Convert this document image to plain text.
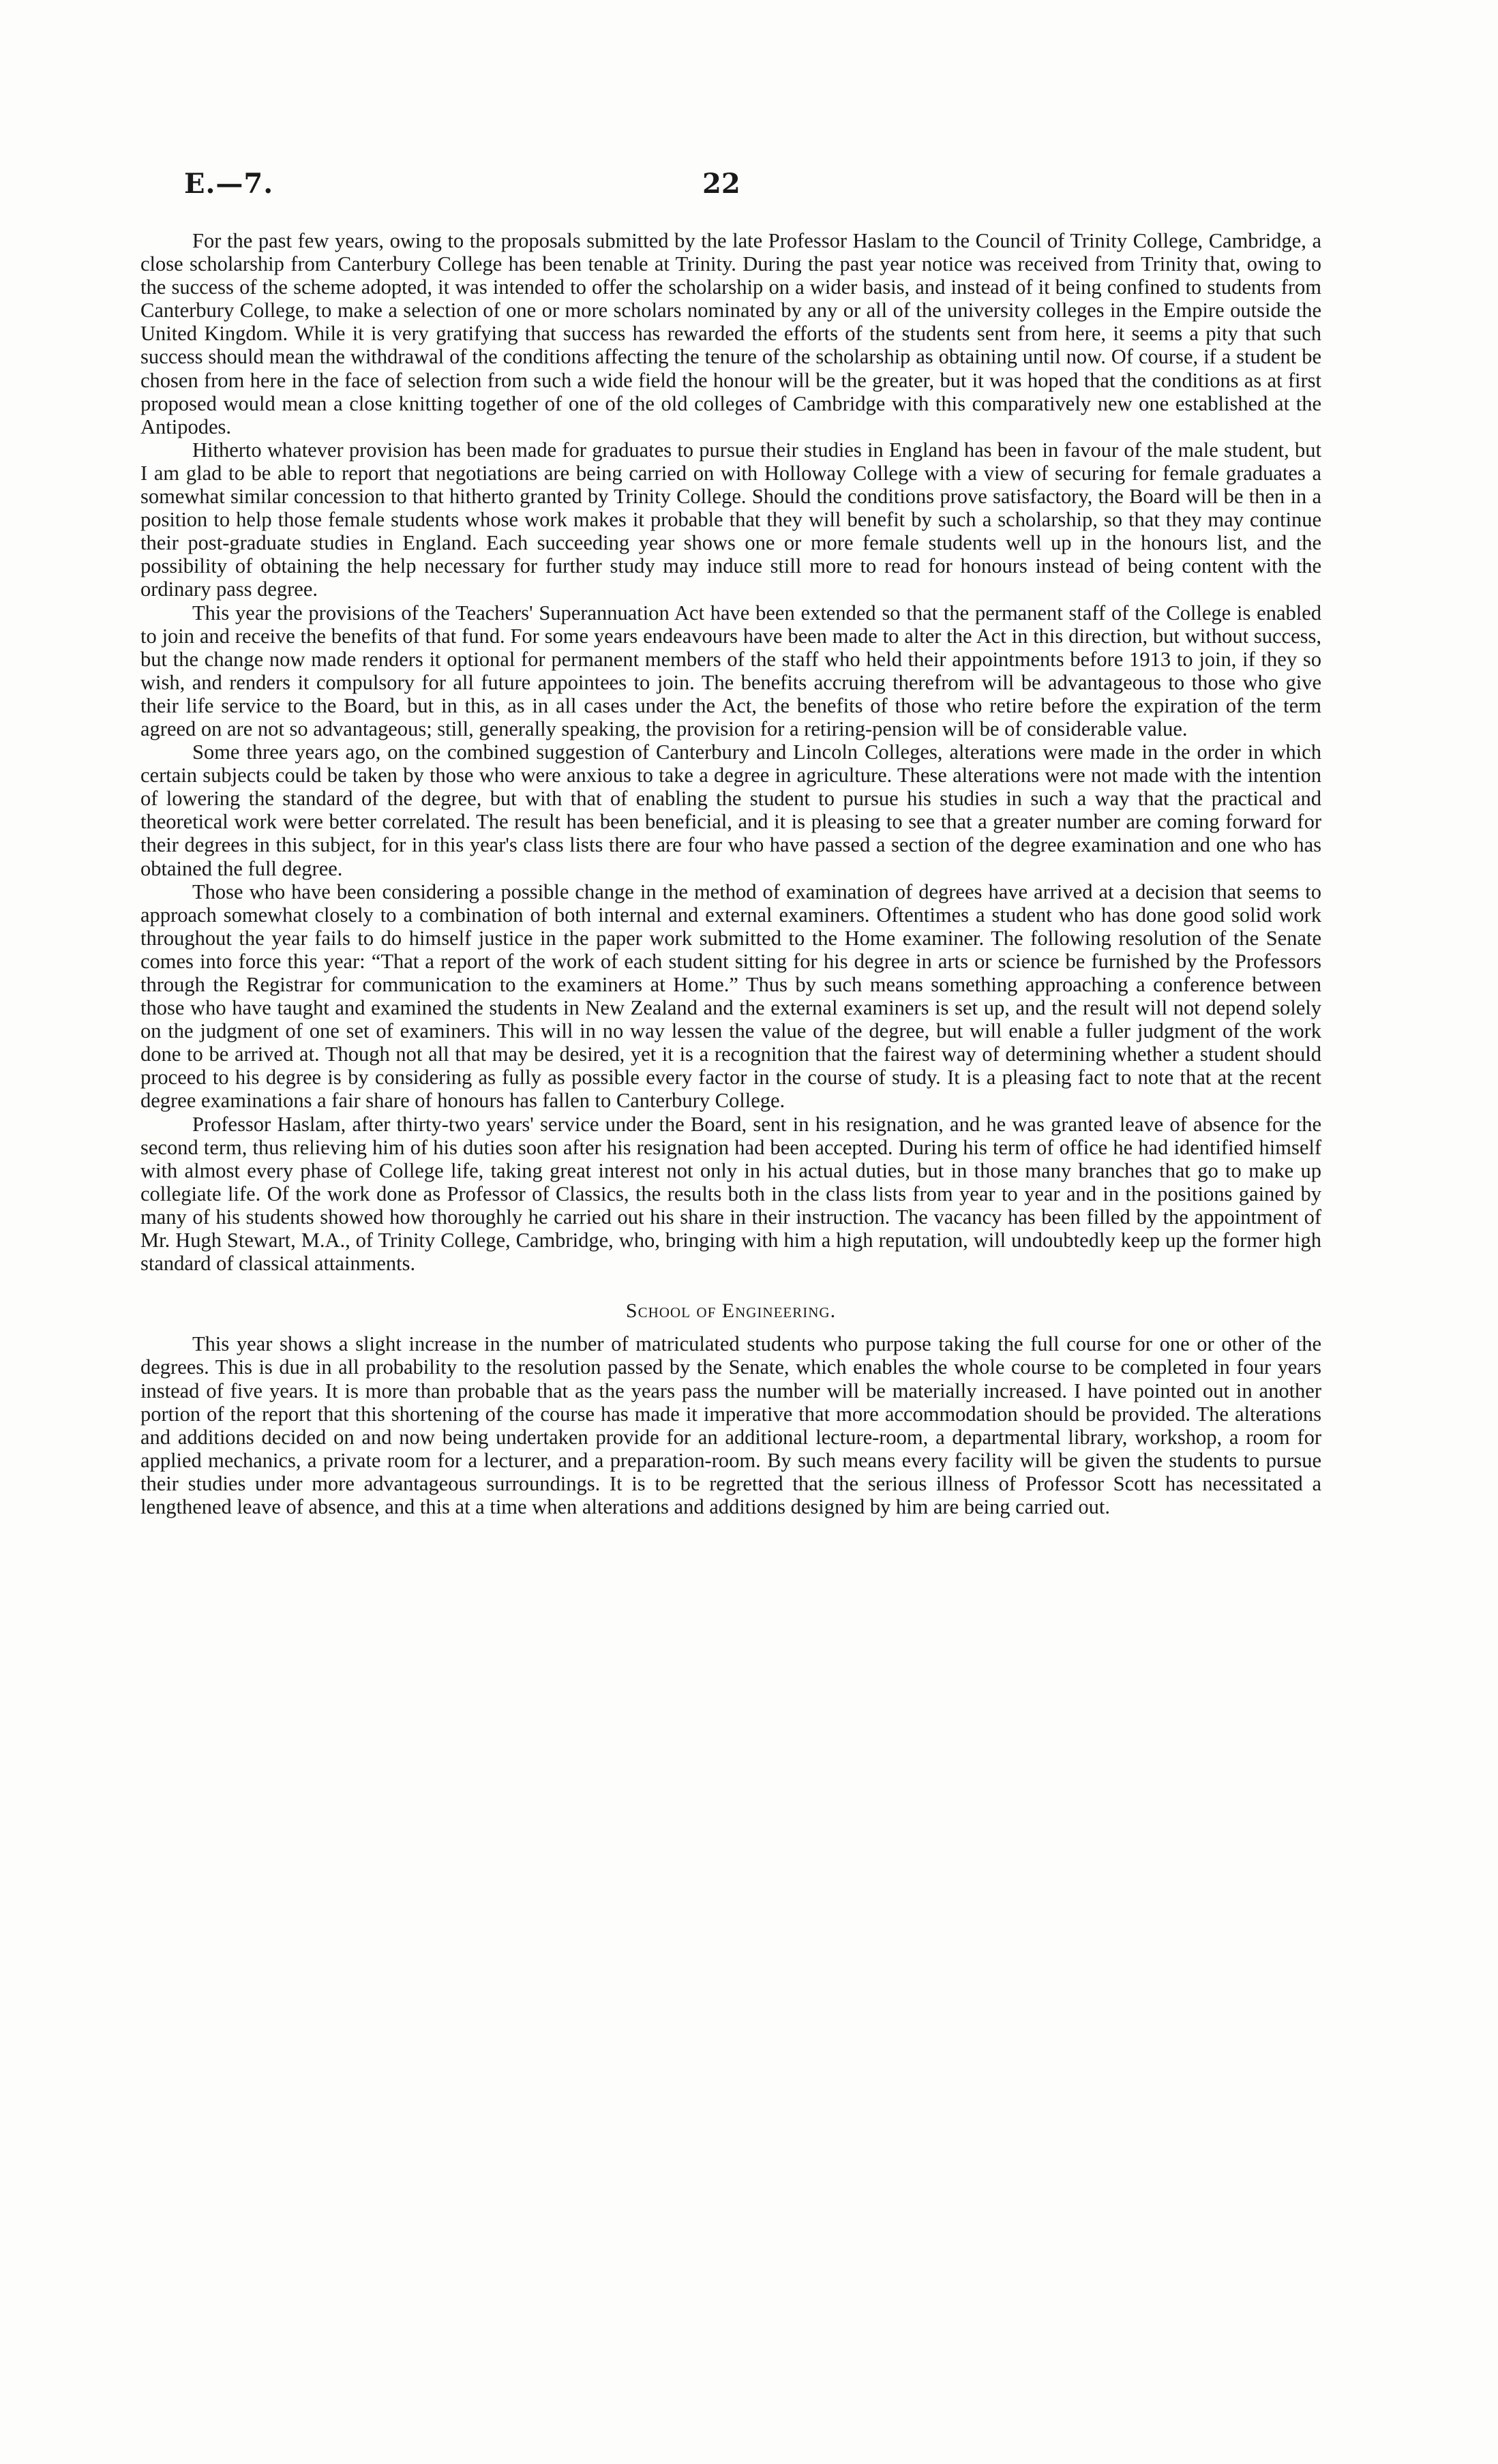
E.—7.	22

For the past few years, owing to the proposals submitted by the late Professor Haslam to the Council of Trinity College, Cambridge, a close scholarship from Canterbury College has been tenable at Trinity. During the past year notice was received from Trinity that, owing to the success of the scheme adopted, it was intended to offer the scholarship on a wider basis, and instead of it being confined to students from Canterbury College, to make a selection of one or more scholars nominated by any or all of the university colleges in the Empire outside the United Kingdom. While it is very gratifying that success has rewarded the efforts of the students sent from here, it seems a pity that such success should mean the withdrawal of the conditions affecting the tenure of the scholarship as obtaining until now. Of course, if a student be chosen from here in the face of selection from such a wide field the honour will be the greater, but it was hoped that the conditions as at first proposed would mean a close knitting together of one of the old colleges of Cambridge with this comparatively new one established at the Antipodes.

Hitherto whatever provision has been made for graduates to pursue their studies in England has been in favour of the male student, but I am glad to be able to report that negotiations are being carried on with Holloway College with a view of securing for female graduates a somewhat similar concession to that hitherto granted by Trinity College. Should the conditions prove satisfactory, the Board will be then in a position to help those female students whose work makes it probable that they will benefit by such a scholarship, so that they may continue their post-graduate studies in England. Each succeeding year shows one or more female students well up in the honours list, and the possibility of obtaining the help necessary for further study may induce still more to read for honours instead of being content with the ordinary pass degree.

This year the provisions of the Teachers' Superannuation Act have been extended so that the permanent staff of the College is enabled to join and receive the benefits of that fund. For some years endeavours have been made to alter the Act in this direction, but without success, but the change now made renders it optional for permanent members of the staff who held their appointments before 1913 to join, if they so wish, and renders it compulsory for all future appointees to join. The benefits accruing therefrom will be advantageous to those who give their life service to the Board, but in this, as in all cases under the Act, the benefits of those who retire before the expiration of the term agreed on are not so advantageous; still, generally speaking, the provision for a retiring-pension will be of considerable value.

Some three years ago, on the combined suggestion of Canterbury and Lincoln Colleges, alterations were made in the order in which certain subjects could be taken by those who were anxious to take a degree in agriculture. These alterations were not made with the intention of lowering the standard of the degree, but with that of enabling the student to pursue his studies in such a way that the practical and theoretical work were better correlated. The result has been beneficial, and it is pleasing to see that a greater number are coming forward for their degrees in this subject, for in this year's class lists there are four who have passed a section of the degree examination and one who has obtained the full degree.

Those who have been considering a possible change in the method of examination of degrees have arrived at a decision that seems to approach somewhat closely to a combination of both internal and external examiners. Oftentimes a student who has done good solid work throughout the year fails to do himself justice in the paper work submitted to the Home examiner. The following resolution of the Senate comes into force this year: “That a report of the work of each student sitting for his degree in arts or science be furnished by the Professors through the Registrar for communication to the examiners at Home.” Thus by such means something approaching a conference between those who have taught and examined the students in New Zealand and the external examiners is set up, and the result will not depend solely on the judgment of one set of examiners. This will in no way lessen the value of the degree, but will enable a fuller judgment of the work done to be arrived at. Though not all that may be desired, yet it is a recognition that the fairest way of determining whether a student should proceed to his degree is by considering as fully as possible every factor in the course of study. It is a pleasing fact to note that at the recent degree examinations a fair share of honours has fallen to Canterbury College.

Professor Haslam, after thirty-two years' service under the Board, sent in his resignation, and he was granted leave of absence for the second term, thus relieving him of his duties soon after his resignation had been accepted. During his term of office he had identified himself with almost every phase of College life, taking great interest not only in his actual duties, but in those many branches that go to make up collegiate life. Of the work done as Professor of Classics, the results both in the class lists from year to year and in the positions gained by many of his students showed how thoroughly he carried out his share in their instruction. The vacancy has been filled by the appointment of Mr. Hugh Stewart, M.A., of Trinity College, Cambridge, who, bringing with him a high reputation, will undoubtedly keep up the former high standard of classical attainments.

School of Engineering.

This year shows a slight increase in the number of matriculated students who purpose taking the full course for one or other of the degrees. This is due in all probability to the resolution passed by the Senate, which enables the whole course to be completed in four years instead of five years. It is more than probable that as the years pass the number will be materially increased. I have pointed out in another portion of the report that this shortening of the course has made it imperative that more accommodation should be provided. The alterations and additions decided on and now being undertaken provide for an additional lecture-room, a departmental library, workshop, a room for applied mechanics, a private room for a lecturer, and a preparation-room. By such means every facility will be given the students to pursue their studies under more advantageous surroundings. It is to be regretted that the serious illness of Professor Scott has necessitated a lengthened leave of absence, and this at a time when alterations and additions designed by him are being carried out.
